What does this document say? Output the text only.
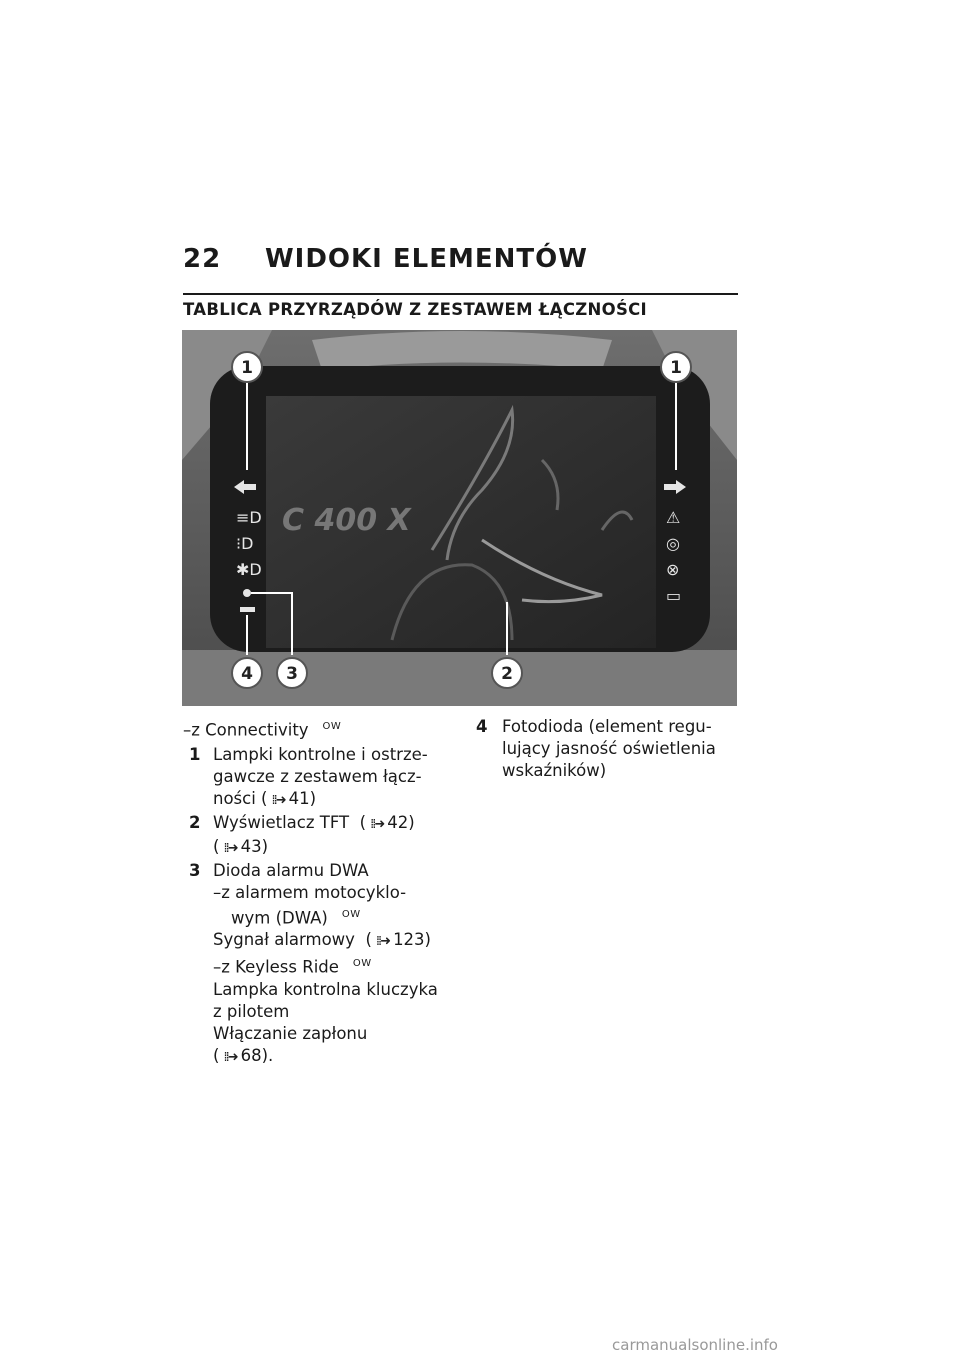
22 WIDOKI ELEMENTÓW
TABLICA PRZYRZĄDÓW Z ZESTAWEM ŁĄCZNOŚCI
C 400 X
≡D
⁝D
✱D
⚠
◎
⊗
▭
1	1
2
3
4
–z Connectivity $^{OW}$
1 Lampki kontrolne i ostrze-
gawcze z zestawem łącz-
ności ( ⁞⁞➜ 41)
2 Wyświetlacz TFT  ( ⁞⁞➜ 42)
( ⁞⁞➜ 43)
3 Dioda alarmu DWA
–z alarmem motocyklo-
wym (DWA) $^{OW}$
Sygnał alarmowy  ( ⁞⁞➜ 123)
–z Keyless Ride $^{OW}$
Lampka kontrolna kluczyka
z pilotem
Włączanie zapłonu
( ⁞⁞➜ 68).
4 Fotodioda (element regu-
lujący jasność oświetlenia
wskaźników)
carmanualsonline.info
